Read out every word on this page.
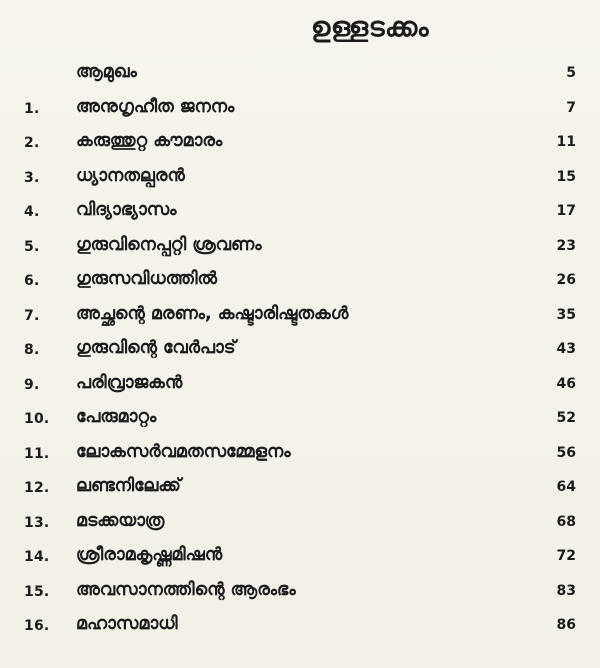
ഉള്ളടക്കം
ആമുഖം	5
1. അനുഗൃഹീത ജനനം	7
2. കരുത്തുറ്റ കൗമാരം	11
3. ധ്യാനതല്പരൻ	15
4. വിദ്യാഭ്യാസം	17
5. ഗുരുവിനെപ്പറ്റി ശ്രവണം	23
6. ഗുരുസവിധത്തിൽ	26
7. അച്ഛന്റെ മരണം, കഷ്ടാരിഷ്ടതകൾ	35
8. ഗുരുവിന്റെ വേർപാട്	43
9. പരിവ്രാജകൻ	46
10. പേരുമാറ്റം	52
11. ലോകസർവമതസമ്മേളനം	56
12. ലണ്ടനിലേക്ക്	64
13. മടക്കയാത്ര	68
14. ശ്രീരാമകൃഷ്ണമിഷൻ	72
15. അവസാനത്തിന്റെ ആരംഭം	83
16. മഹാസമാധി	86
